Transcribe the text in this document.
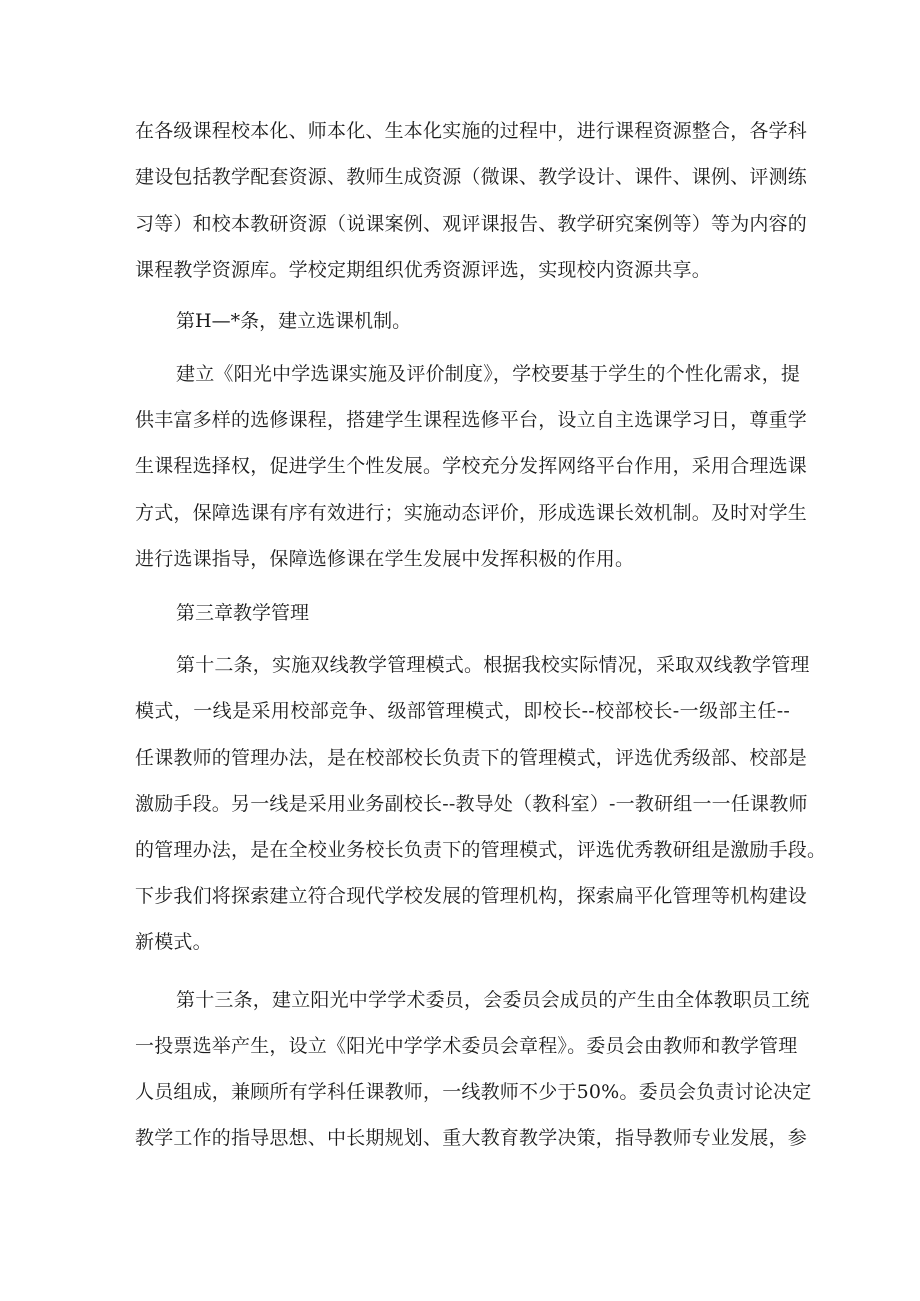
在各级课程校本化、师本化、生本化实施的过程中，进行课程资源整合，各学科
建设包括教学配套资源、教师生成资源（微课、教学设计、课件、课例、评测练
习等）和校本教研资源（说课案例、观评课报告、教学研究案例等）等为内容的
课程教学资源库。学校定期组织优秀资源评选，实现校内资源共享。
第H—*条，建立选课机制。
建立《阳光中学选课实施及评价制度》，学校要基于学生的个性化需求，提
供丰富多样的选修课程，搭建学生课程选修平台，设立自主选课学习日，尊重学
生课程选择权，促进学生个性发展。学校充分发挥网络平台作用，采用合理选课
方式，保障选课有序有效进行；实施动态评价，形成选课长效机制。及时对学生
进行选课指导，保障选修课在学生发展中发挥积极的作用。
第三章教学管理
第十二条，实施双线教学管理模式。根据我校实际情况，采取双线教学管理
模式，一线是采用校部竞争、级部管理模式，即校长--校部校长-一级部主任--
任课教师的管理办法，是在校部校长负责下的管理模式，评选优秀级部、校部是
激励手段。另一线是采用业务副校长--教导处（教科室）-一教研组一一任课教师
的管理办法，是在全校业务校长负责下的管理模式，评选优秀教研组是激励手段。
下步我们将探索建立符合现代学校发展的管理机构，探索扁平化管理等机构建设
新模式。
第十三条，建立阳光中学学术委员，会委员会成员的产生由全体教职员工统
一投票选举产生，设立《阳光中学学术委员会章程》。委员会由教师和教学管理
人员组成，兼顾所有学科任课教师，一线教师不少于50%。委员会负责讨论决定
教学工作的指导思想、中长期规划、重大教育教学决策，指导教师专业发展，参
